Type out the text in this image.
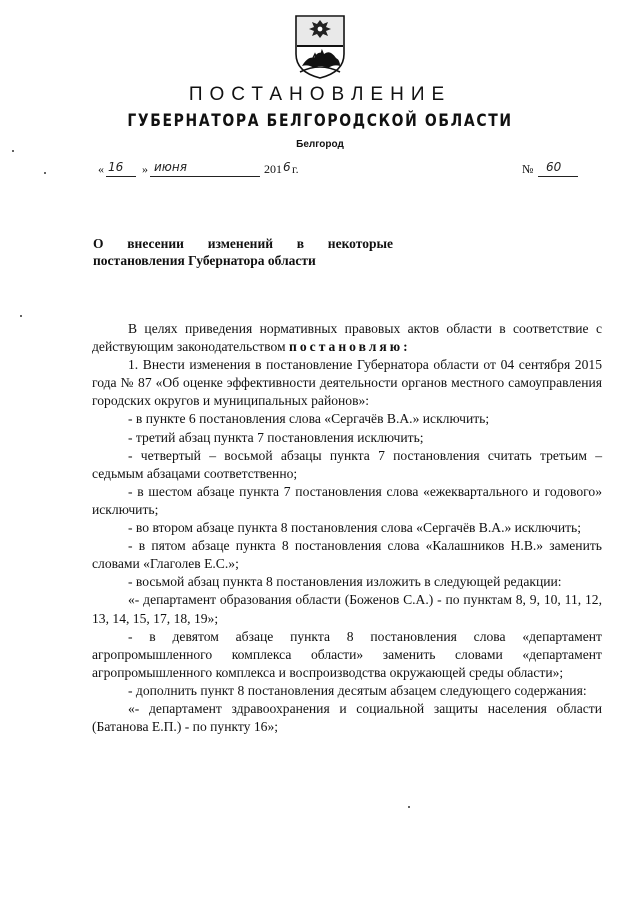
ПОСТАНОВЛЕНИЕ
ГУБЕРНАТОРА БЕЛГОРОДСКОЙ ОБЛАСТИ
Белгород
« 16 » июня	201 6 г.	№ 60
О внесении изменений в некоторые
постановления Губернатора области

В целях приведения нормативных правовых актов области в соответствие с действующим законодательством постановляю:

1. Внести изменения в постановление Губернатора области от 04 сентября 2015 года № 87 «Об оценке эффективности деятельности органов местного самоуправления городских округов и муниципальных районов»:

- в пункте 6 постановления слова «Сергачёв В.А.» исключить;

- третий абзац пункта 7 постановления исключить;

- четвертый – восьмой абзацы пункта 7 постановления считать третьим – седьмым абзацами соответственно;

- в шестом абзаце пункта 7 постановления слова «ежеквартального и годового» исключить;

- во втором абзаце пункта 8 постановления слова «Сергачёв В.А.» исключить;

- в пятом абзаце пункта 8 постановления слова «Калашников Н.В.» заменить словами «Глаголев Е.С.»;

- восьмой абзац пункта 8 постановления изложить в следующей редакции:

«- департамент образования области (Боженов С.А.) - по пунктам 8, 9, 10, 11, 12, 13, 14, 15, 17, 18, 19»;

- в девятом абзаце пункта 8 постановления слова «департамент агропромышленного комплекса области» заменить словами «департамент агропромышленного комплекса и воспроизводства окружающей среды области»;

- дополнить пункт 8 постановления десятым абзацем следующего содержания:

«- департамент здравоохранения и социальной защиты населения области (Батанова Е.П.) - по пункту 16»;
